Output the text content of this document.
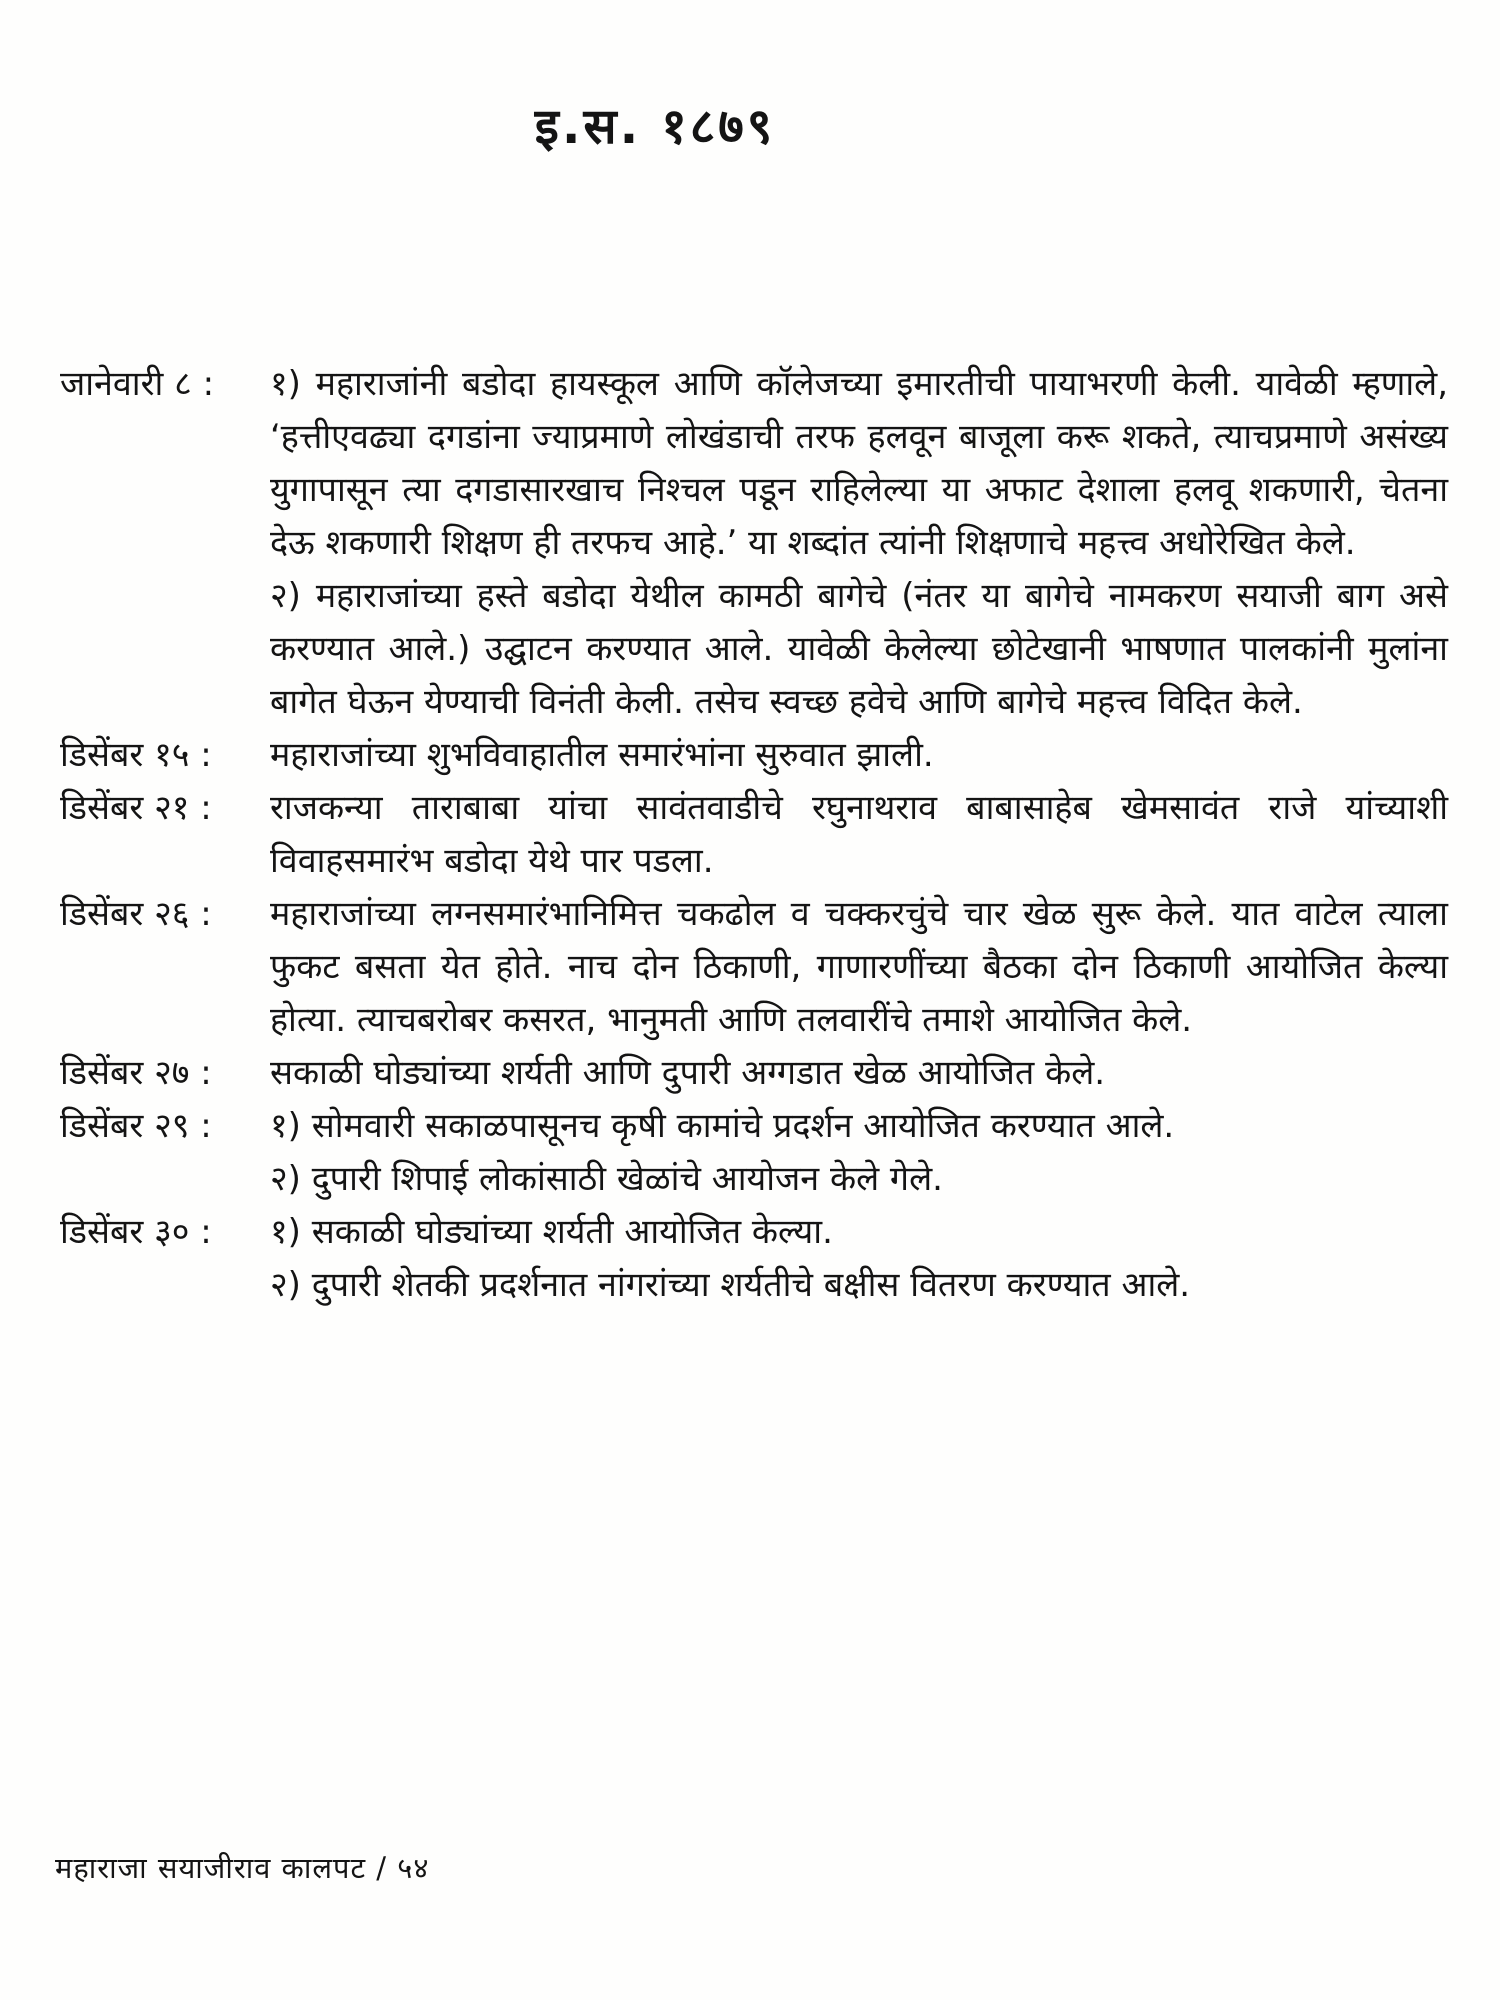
इ.स. १८७९
जानेवारी ८ :	१) महाराजांनी बडोदा हायस्कूल आणि कॉलेजच्या इमारतीची पायाभरणी केली. यावेळी म्हणाले, ‘हत्तीएवढ्या दगडांना ज्याप्रमाणे लोखंडाची तरफ हलवून बाजूला करू शकते, त्याचप्रमाणे असंख्य युगापासून त्या दगडासारखाच निश्चल पडून राहिलेल्या या अफाट देशाला हलवू शकणारी, चेतना देऊ शकणारी शिक्षण ही तरफच आहे.’ या शब्दांत त्यांनी शिक्षणाचे महत्त्व अधोरेखित केले.

२) महाराजांच्या हस्ते बडोदा येथील कामठी बागेचे (नंतर या बागेचे नामकरण सयाजी बाग असे करण्यात आले.) उद्घाटन करण्यात आले. यावेळी केलेल्या छोटेखानी भाषणात पालकांनी मुलांना बागेत घेऊन येण्याची विनंती केली. तसेच स्वच्छ हवेचे आणि बागेचे महत्त्व विदित केले.

डिसेंबर १५ :	महाराजांच्या शुभविवाहातील समारंभांना सुरुवात झाली.

डिसेंबर २१ :	राजकन्या ताराबाबा यांचा सावंतवाडीचे रघुनाथराव बाबासाहेब खेमसावंत राजे यांच्याशी विवाहसमारंभ बडोदा येथे पार पडला.

डिसेंबर २६ :	महाराजांच्या लग्नसमारंभानिमित्त चकढोल व चक्करचुंचे चार खेळ सुरू केले. यात वाटेल त्याला फुकट बसता येत होते. नाच दोन ठिकाणी, गाणारणींच्या बैठका दोन ठिकाणी आयोजित केल्या होत्या. त्याचबरोबर कसरत, भानुमती आणि तलवारींचे तमाशे आयोजित केले.

डिसेंबर २७ :	सकाळी घोड्यांच्या शर्यती आणि दुपारी अग्गडात खेळ आयोजित केले.

डिसेंबर २९ :	१) सोमवारी सकाळपासूनच कृषी कामांचे प्रदर्शन आयोजित करण्यात आले.

२) दुपारी शिपाई लोकांसाठी खेळांचे आयोजन केले गेले.

डिसेंबर ३० :	१) सकाळी घोड्यांच्या शर्यती आयोजित केल्या.

२) दुपारी शेतकी प्रदर्शनात नांगरांच्या शर्यतीचे बक्षीस वितरण करण्यात आले.

महाराजा सयाजीराव कालपट / ५४
